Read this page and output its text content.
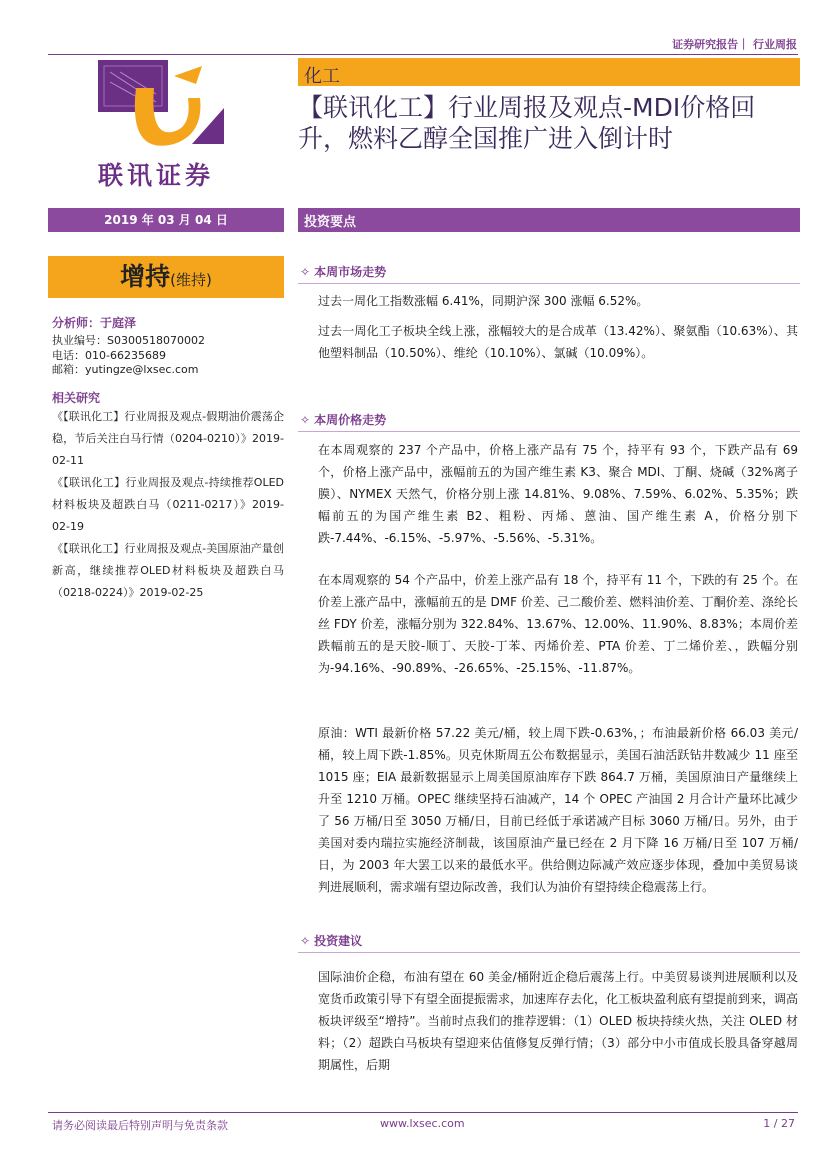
证券研究报告｜ 行业周报
联讯证券
化工
【联讯化工】行业周报及观点-MDI价格回升，燃料乙醇全国推广进入倒计时
2019 年 03 月 04 日
增持(维持)
分析师：于庭泽
执业编号：S0300518070002
电话：010-66235689
邮箱：yutingze@lxsec.com
相关研究
《【联讯化工】行业周报及观点-假期油价震荡企稳，节后关注白马行情（0204-0210）》2019-02-11
《【联讯化工】行业周报及观点-持续推荐OLED 材料板块及超跌白马（0211-0217）》2019-02-19
《【联讯化工】行业周报及观点-美国原油产量创新高，继续推荐OLED材料板块及超跌白马（0218-0224）》2019-02-25
投资要点
✧ 本周市场走势
过去一周化工指数涨幅 6.41%，同期沪深 300 涨幅 6.52%。
过去一周化工子板块全线上涨，涨幅较大的是合成革（13.42%）、聚氨酯（10.63%）、其他塑料制品（10.50%）、维纶（10.10%）、氯碱（10.09%）。
✧ 本周价格走势
在本周观察的 237 个产品中，价格上涨产品有 75 个，持平有 93 个，下跌产品有 69 个，价格上涨产品中，涨幅前五的为国产维生素 K3、聚合 MDI、丁酮、烧碱（32%离子膜）、NYMEX 天然气，价格分别上涨 14.81%、9.08%、7.59%、6.02%、5.35%；跌幅前五的为国产维生素 B2、粗粉、丙烯、蒽油、国产维生素 A，价格分别下跌-7.44%、-6.15%、-5.97%、-5.56%、-5.31%。
在本周观察的 54 个产品中，价差上涨产品有 18 个，持平有 11 个，下跌的有 25 个。在价差上涨产品中，涨幅前五的是 DMF 价差、己二酸价差、燃料油价差、丁酮价差、涤纶长丝 FDY 价差，涨幅分别为 322.84%、13.67%、12.00%、11.90%、8.83%；本周价差跌幅前五的是天胶-顺丁、天胶-丁苯、丙烯价差、PTA 价差、丁二烯价差、，跌幅分别为-94.16%、-90.89%、-26.65%、-25.15%、-11.87%。
原油：WTI 最新价格 57.22 美元/桶，较上周下跌-0.63%，；布油最新价格 66.03 美元/桶，较上周下跌-1.85%。贝克休斯周五公布数据显示，美国石油活跃钻井数减少 11 座至 1015 座；EIA 最新数据显示上周美国原油库存下跌 864.7 万桶，美国原油日产量继续上升至 1210 万桶。OPEC 继续坚持石油减产，14 个 OPEC 产油国 2 月合计产量环比减少了 56 万桶/日至 3050 万桶/日，目前已经低于承诺减产目标 3060 万桶/日。另外，由于美国对委内瑞拉实施经济制裁，该国原油产量已经在 2 月下降 16 万桶/日至 107 万桶/日，为 2003 年大罢工以来的最低水平。供给侧边际减产效应逐步体现，叠加中美贸易谈判进展顺利，需求端有望边际改善，我们认为油价有望持续企稳震荡上行。
✧ 投资建议
国际油价企稳，布油有望在 60 美金/桶附近企稳后震荡上行。中美贸易谈判进展顺利以及宽货币政策引导下有望全面提振需求，加速库存去化，化工板块盈利底有望提前到来，调高板块评级至“增持”。当前时点我们的推荐逻辑：（1）OLED 板块持续火热，关注 OLED 材料；（2）超跌白马板块有望迎来估值修复反弹行情；（3）部分中小市值成长股具备穿越周期属性，后期
请务必阅读最后特别声明与免责条款	www.lxsec.com	1 / 27
